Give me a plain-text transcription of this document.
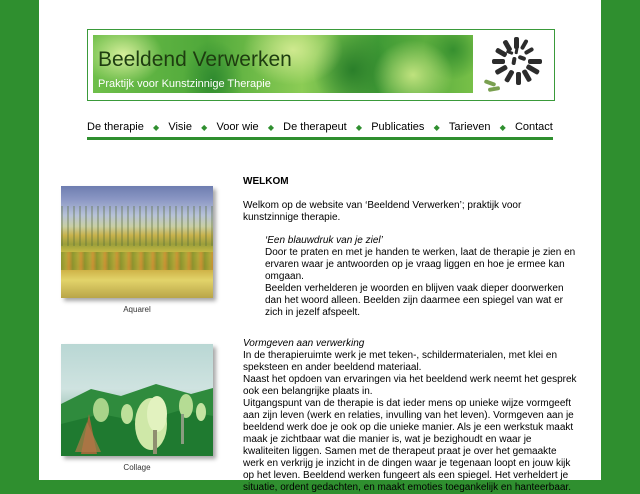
Beeldend Verwerken
Praktijk voor Kunstzinnige Therapie
De therapie ◆ Visie ◆ Voor wie ◆ De therapeut ◆ Publicaties ◆ Tarieven ◆ Contact
Aquarel
Collage

WELKOM

Welkom op de website van ‘Beeldend Verwerken’; praktijk voor kunstzinnige therapie.

‘Een blauwdruk van je ziel’

Door te praten en met je handen te werken, laat de therapie je zien en ervaren waar je antwoorden op je vraag liggen en hoe je ermee kan omgaan.

Beelden verhelderen je woorden en blijven vaak dieper doorwerken dan het woord alleen. Beelden zijn daarmee een spiegel van wat er zich in jezelf afspeelt.

Vormgeven aan verwerking

In de therapieruimte werk je met teken-, schildermaterialen, met klei en speksteen en ander beeldend materiaal.

Naast het opdoen van ervaringen via het beeldend werk neemt het gesprek ook een belangrijke plaats in.

Uitgangspunt van de therapie is dat ieder mens op unieke wijze vormgeeft aan zijn leven (werk en relaties, invulling van het leven). Vormgeven aan je beeldend werk doe je ook op die unieke manier. Als je een werkstuk maakt maak je zichtbaar wat die manier is, wat je bezighoudt en waar je kwaliteiten liggen. Samen met de therapeut praat je over het gemaakte werk en verkrijg je inzicht in de dingen waar je tegenaan loopt en jouw kijk op het leven. Beeldend werken fungeert als een spiegel. Het verheldert je situatie, ordent gedachten, en maakt emoties toegankelijk en hanteerbaar.
